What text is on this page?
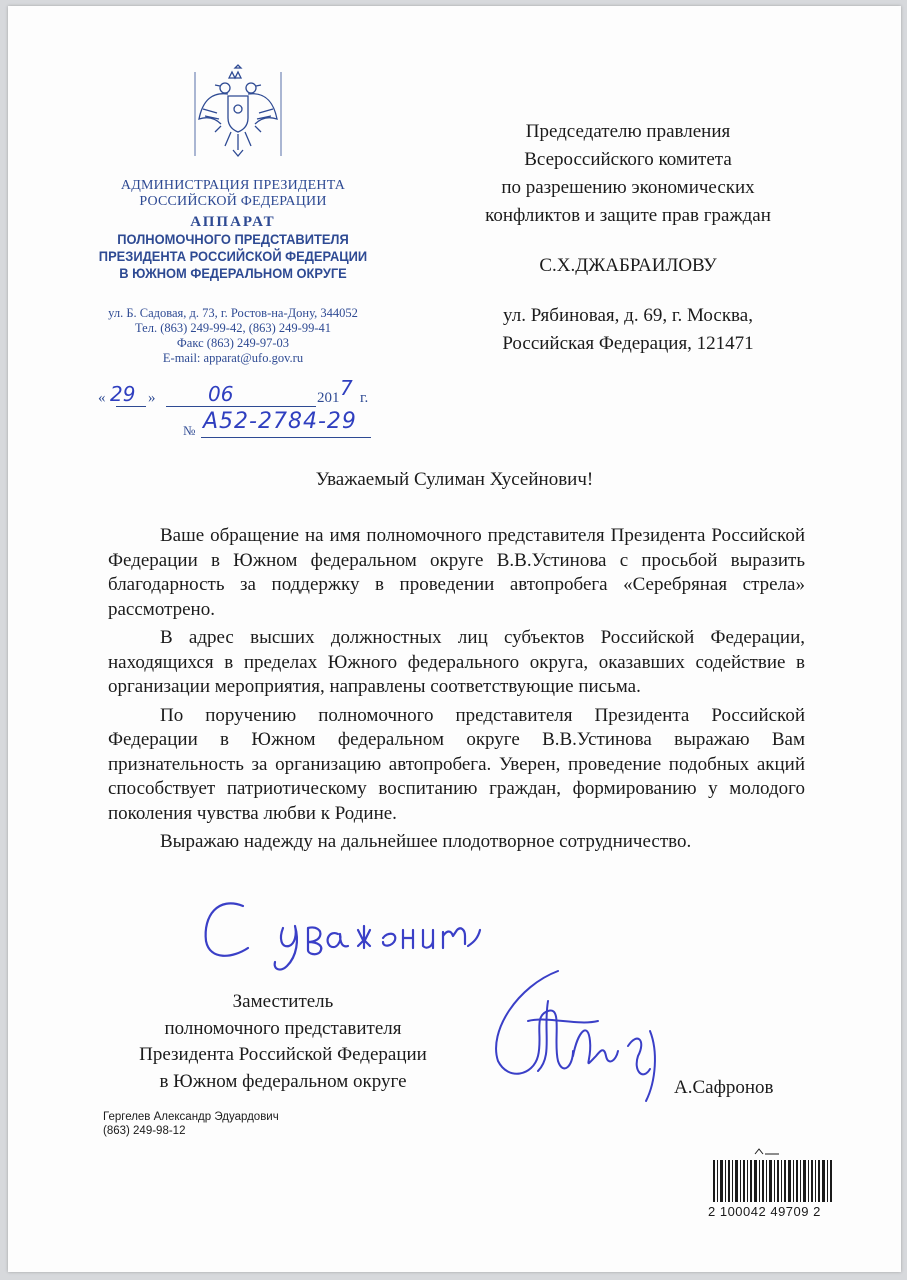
АДМИНИСТРАЦИЯ ПРЕЗИДЕНТА
РОССИЙСКОЙ ФЕДЕРАЦИИ
АППАРАТ
ПОЛНОМОЧНОГО ПРЕДСТАВИТЕЛЯ
ПРЕЗИДЕНТА РОССИЙСКОЙ ФЕДЕРАЦИИ
В ЮЖНОМ ФЕДЕРАЛЬНОМ ОКРУГЕ
ул. Б. Садовая, д. 73, г. Ростов-на-Дону, 344052
Тел. (863) 249-99-42, (863) 249-99-41
Факс (863) 249-97-03
E-mail: apparat@ufo.gov.ru
« 29 »	06	201 7 г.
№ А52-2784-29
Председателю правления
Всероссийского комитета
по разрешению экономических
конфликтов и защите прав граждан
С.Х.ДЖАБРАИЛОВУ
ул. Рябиновая, д. 69, г. Москва,
Российская Федерация, 121471
Уважаемый Сулиман Хусейнович!

Ваше обращение на имя полномочного представителя Президента Российской Федерации в Южном федеральном округе В.В.Устинова с просьбой выразить благодарность за поддержку в проведении автопробега «Серебряная стрела» рассмотрено.

В адрес высших должностных лиц субъектов Российской Федерации, находящихся в пределах Южного федерального округа, оказавших содействие в организации мероприятия, направлены соответствующие письма.

По поручению полномочного представителя Президента Российской Федерации в Южном федеральном округе В.В.Устинова выражаю Вам признательность за организацию автопробега. Уверен, проведение подобных акций способствует патриотическому воспитанию граждан, формированию у молодого поколения чувства любви к Родине.

Выражаю надежду на дальнейшее плодотворное сотрудничество.

Заместитель
полномочного представителя
Президента Российской Федерации
в Южном федеральном округе	А.Сафронов
Гергелев Александр Эдуардович
(863) 249-98-12
2 100042 49709 2
